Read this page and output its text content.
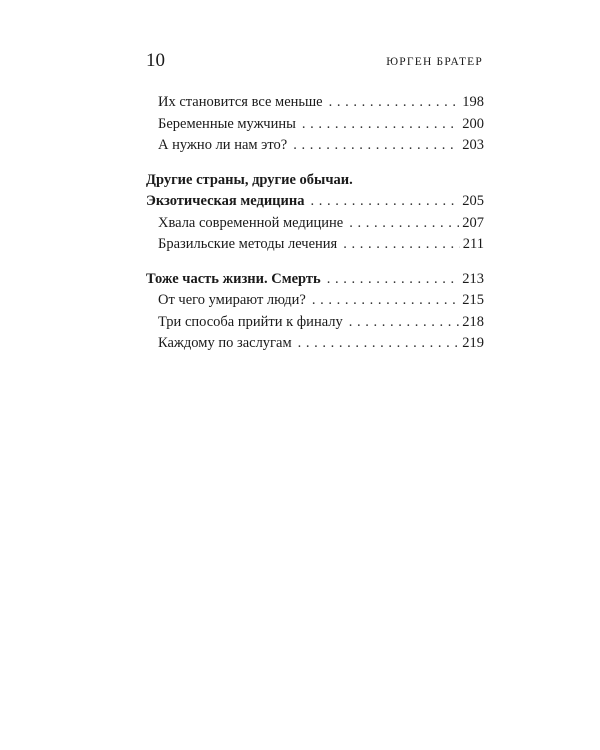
10	ЮРГЕН БРАТЕР
Их становится все меньше . . .	198
Беременные мужчины . . .	200
А нужно ли нам это? . . .	203
Другие страны, другие обычаи.
Экзотическая медицина . . .	205
Хвала современной медицине . . .	207
Бразильские методы лечения . . .	211
Тоже часть жизни. Смерть . . .	213
От чего умирают люди? . . .	215
Три способа прийти к финалу . . .	218
Каждому по заслугам . . .	219
